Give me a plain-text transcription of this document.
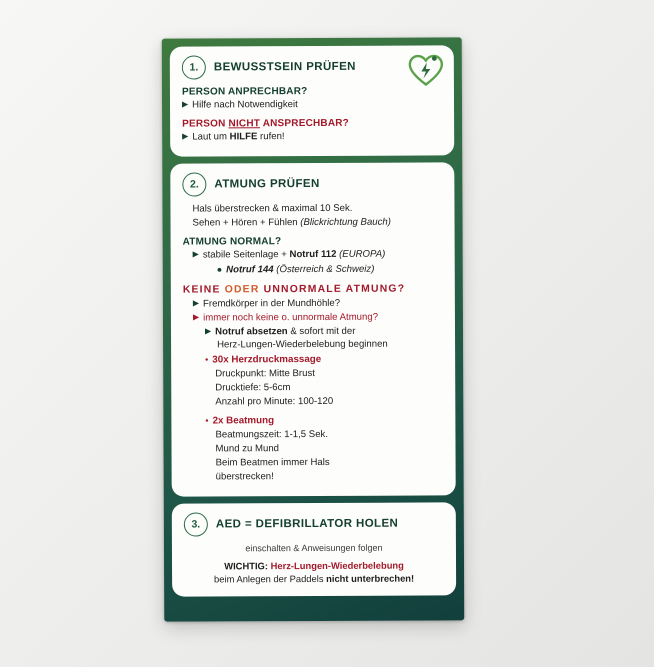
1.	BEWUSSTSEIN PRÜFEN
PERSON ANPRECHBAR?
▶ Hilfe nach Notwendigkeit
PERSON NICHT ANSPRECHBAR?
▶ Laut um HILFE rufen!
2.	ATMUNG PRÜFEN
Hals überstrecken & maximal 10 Sek.
Sehen + Hören + Fühlen (Blickrichtung Bauch)
ATMUNG NORMAL?
▶ stabile Seitenlage + Notruf 112 (EUROPA)
● Notruf 144 (Österreich & Schweiz)
KEINE ODER UNNORMALE ATMUNG?
▶ Fremdkörper in der Mundhöhle?
▶ immer noch keine o. unnormale Atmung?
▶ Notruf absetzen & sofort mit der
Herz-Lungen-Wiederbelebung beginnen
• 30x Herzdruckmassage
Druckpunkt: Mitte Brust
Drucktiefe: 5-6cm
Anzahl pro Minute: 100-120
• 2x Beatmung
Beatmungszeit: 1-1,5 Sek.
Mund zu Mund
Beim Beatmen immer Hals
überstrecken!
3.	AED = DEFIBRILLATOR HOLEN
einschalten & Anweisungen folgen
WICHTIG: Herz-Lungen-Wiederbelebung
beim Anlegen der Paddels nicht unterbrechen!
